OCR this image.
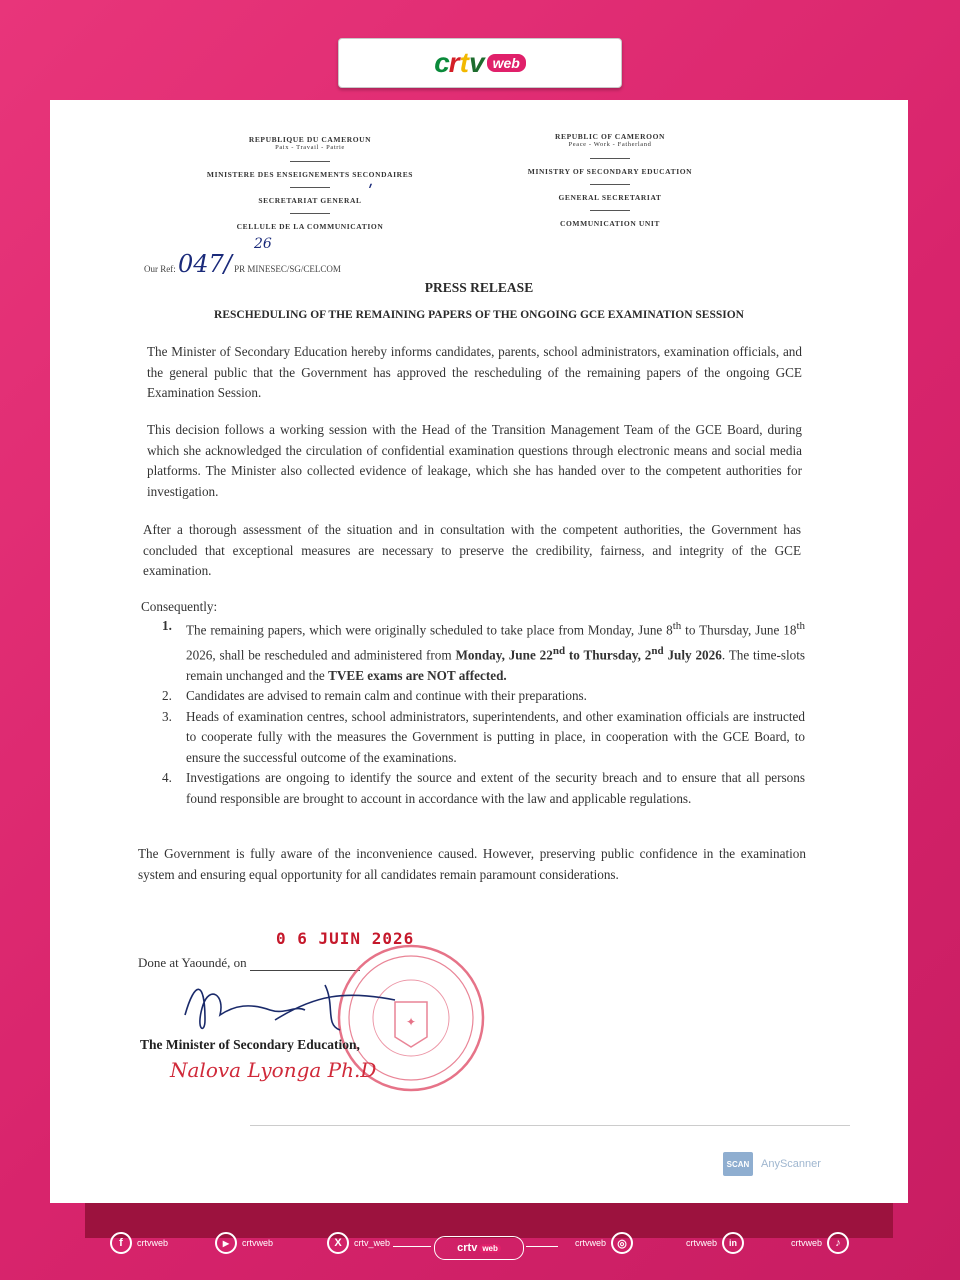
c r t v web
REPUBLIQUE DU CAMEROUN
Paix - Travail - Patrie
MINISTERE DES ENSEIGNEMENTS SECONDAIRES
SECRETARIAT GENERAL
CELLULE DE LA COMMUNICATION
ʹ
REPUBLIC OF CAMEROON
Peace - Work - Fatherland
MINISTRY OF SECONDARY EDUCATION
GENERAL SECRETARIAT
COMMUNICATION UNIT
Our Ref: 047/
26
PR MINESEC/SG/CELCOM
PRESS RELEASE
RESCHEDULING OF THE REMAINING PAPERS OF THE ONGOING GCE EXAMINATION SESSION
The Minister of Secondary Education hereby informs candidates, parents, school administrators, examination officials, and the general public that the Government has approved the rescheduling of the remaining papers of the ongoing GCE Examination Session.
This decision follows a working session with the Head of the Transition Management Team of the GCE Board, during which she acknowledged the circulation of confidential examination questions through electronic means and social media platforms. The Minister also collected evidence of leakage, which she has handed over to the competent authorities for investigation.
After a thorough assessment of the situation and in consultation with the competent authorities, the Government has concluded that exceptional measures are necessary to preserve the credibility, fairness, and integrity of the GCE examination.
Consequently:
1.	The remaining papers, which were originally scheduled to take place from Monday, June 8th to Thursday, June 18th 2026, shall be rescheduled and administered from Monday, June 22nd to Thursday, 2nd July 2026. The time-slots remain unchanged and the TVEE exams are NOT affected.
2.	Candidates are advised to remain calm and continue with their preparations.
3.	Heads of examination centres, school administrators, superintendents, and other examination officials are instructed to cooperate fully with the measures the Government is putting in place, in cooperation with the GCE Board, to ensure the successful outcome of the examinations.
4.	Investigations are ongoing to identify the source and extent of the security breach and to ensure that all persons found responsible are brought to account in accordance with the law and applicable regulations.
The Government is fully aware of the inconvenience caused. However, preserving public confidence in the examination system and ensuring equal opportunity for all candidates remain paramount considerations.
0 6 JUIN 2026
Done at Yaoundé, on
✦
The Minister of Secondary Education,
Nalova Lyonga Ph.D
SCAN	AnyScanner
f	crtvweb	▶	crtvweb	X	crtv_web	crtv web	crtvweb	◎	crtvweb	in	crtvweb	♪
